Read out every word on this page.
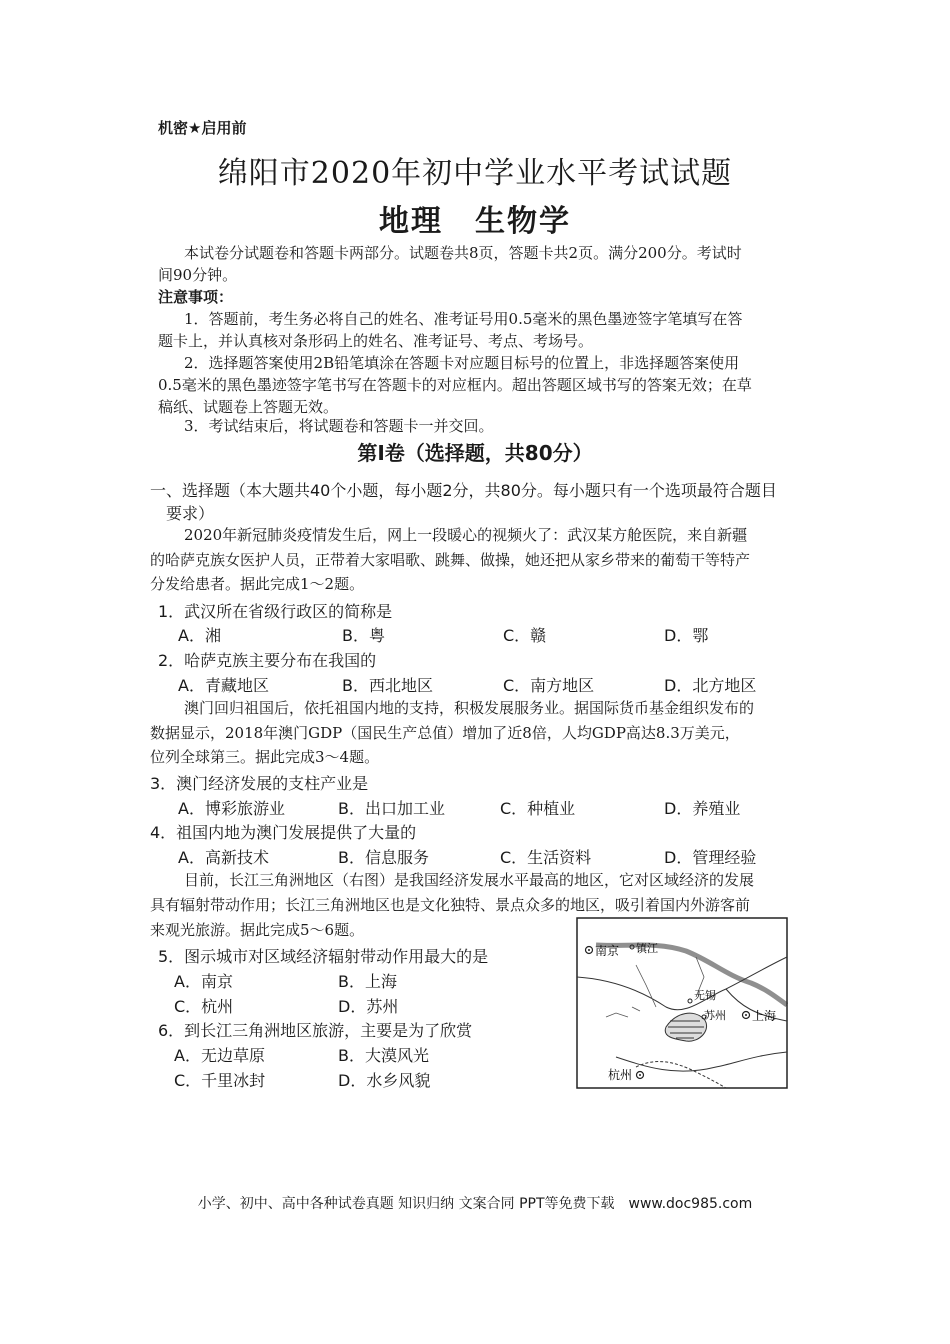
机密★启用前
绵阳市2020年初中学业水平考试试题
地理　生物学
本试卷分试题卷和答题卡两部分。试题卷共8页，答题卡共2页。满分200分。考试时
间90分钟。
注意事项：
1．答题前，考生务必将自己的姓名、准考证号用0.5毫米的黑色墨迹签字笔填写在答
题卡上，并认真核对条形码上的姓名、准考证号、考点、考场号。
2．选择题答案使用2B铅笔填涂在答题卡对应题目标号的位置上，非选择题答案使用
0.5毫米的黑色墨迹签字笔书写在答题卡的对应框内。超出答题区域书写的答案无效；在草
稿纸、试题卷上答题无效。
3．考试结束后，将试题卷和答题卡一并交回。
第Ⅰ卷（选择题，共80分）
一、选择题（本大题共40个小题，每小题2分，共80分。每小题只有一个选项最符合题目
要求）
2020年新冠肺炎疫情发生后，网上一段暖心的视频火了：武汉某方舱医院，来自新疆
的哈萨克族女医护人员，正带着大家唱歌、跳舞、做操，她还把从家乡带来的葡萄干等特产
分发给患者。据此完成1～2题。
1．武汉所在省级行政区的简称是
A．湘	B．粤	C．赣	D．鄂
2．哈萨克族主要分布在我国的
A．青藏地区	B．西北地区	C．南方地区	D．北方地区
澳门回归祖国后，依托祖国内地的支持，积极发展服务业。据国际货币基金组织发布的
数据显示，2018年澳门GDP（国民生产总值）增加了近8倍，人均GDP高达8.3万美元，
位列全球第三。据此完成3～4题。
3．澳门经济发展的支柱产业是
A．博彩旅游业	B．出口加工业	C．种植业	D．养殖业
4．祖国内地为澳门发展提供了大量的
A．高新技术	B．信息服务	C．生活资料	D．管理经验
目前，长江三角洲地区（右图）是我国经济发展水平最高的地区，它对区域经济的发展
具有辐射带动作用；长江三角洲地区也是文化独特、景点众多的地区，吸引着国内外游客前
来观光旅游。据此完成5～6题。
5．图示城市对区域经济辐射带动作用最大的是
A．南京	B．上海
C．杭州	D．苏州
6．到长江三角洲地区旅游，主要是为了欣赏
A．无边草原	B．大漠风光
C．千里冰封	D．水乡风貌
南京 镇江
无锡
苏州 上海
杭州
小学、初中、高中各种试卷真题 知识归纳 文案合同 PPT等免费下载　www.doc985.com
